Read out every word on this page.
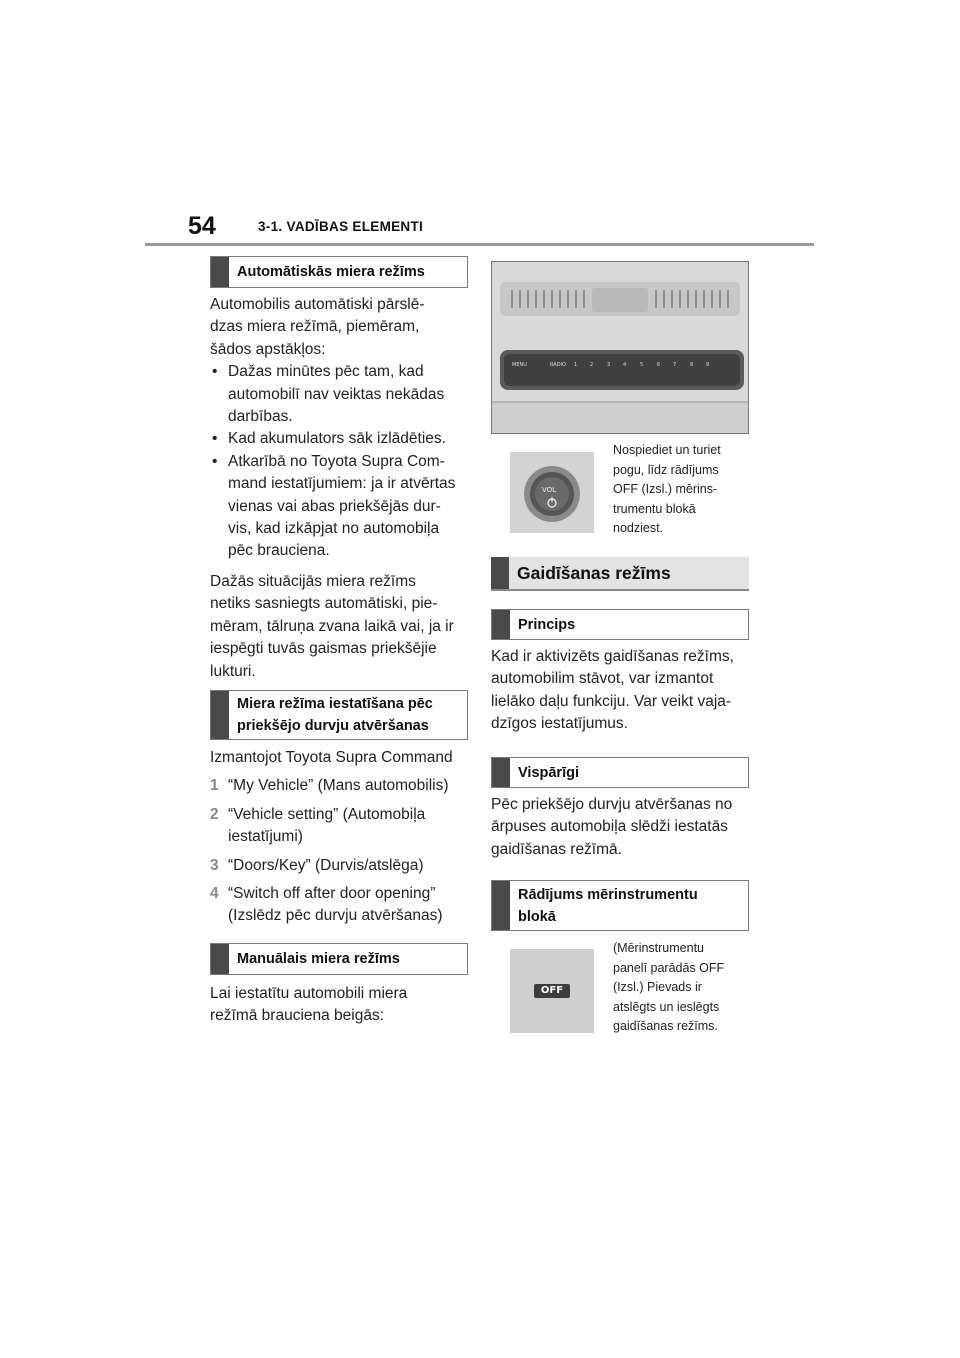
54	3-1. VADĪBAS ELEMENTI
Automātiskās miera režīms

Automobilis automātiski pārslē-

dzas miera režīmā, piemēram,

šādos apstākļos:

• Dažas minūtes pēc tam, kad

automobilī nav veiktas nekādas

darbības.

• Kad akumulators sāk izlādēties.

• Atkarībā no Toyota Supra Com-

mand iestatījumiem: ja ir atvērtas

vienas vai abas priekšējās dur-

vis, kad izkāpjat no automobiļa

pēc brauciena.

Dažās situācijās miera režīms

netiks sasniegts automātiski, pie-

mēram, tālruņa zvana laikā vai, ja ir

iespēgti tuvās gaismas priekšējie

lukturi.

Miera režīma iestatīšana pēc
priekšējo durvju atvēršanas

Izmantojot Toyota Supra Command

1 “My Vehicle” (Mans automobilis)

2 “Vehicle setting” (Automobiļa

iestatījumi)

3 “Doors/Key” (Durvis/atslēga)

4 “Switch off after door opening”

(Izslēdz pēc durvju atvēršanas)

Manuālais miera režīms

Lai iestatītu automobili miera

režīmā brauciena beigās:

MENU	RADIO 1	2	3	4	5	6	7	8	9
VOL
Nospiediet un turiet
pogu, līdz rādījums
OFF (Izsl.) mērins-
trumentu blokā
nodziest.
Gaidīšanas režīms
Princips

Kad ir aktivizēts gaidīšanas režīms,

automobilim stāvot, var izmantot

lielāko daļu funkciju. Var veikt vaja-

dzīgos iestatījumus.

Vispārīgi

Pēc priekšējo durvju atvēršanas no

ārpuses automobiļa slēdži iestatās

gaidīšanas režīmā.

Rādījums mērinstrumentu
blokā
OFF
(Mērinstrumentu
panelī parādās OFF
(Izsl.) Pievads ir
atslēgts un ieslēgts
gaidīšanas režīms.
